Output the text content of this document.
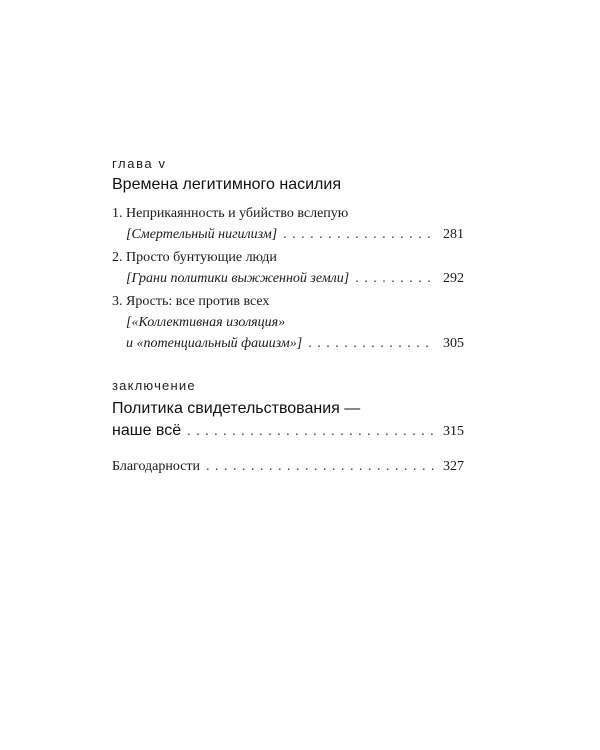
глава v
Времена легитимного насилия
1.
Неприкаянность и убийство вслепую
[Смертельный нигилизм] . . .	281
2.
Просто бунтующие люди
[Грани политики выжженной земли] . . .	292
3.
Ярость: все против всех
[«Коллективная изоляция»
и «потенциальный фашизм»] . . .	305
заключение
Политика свидетельствования —
наше всё . . .	315
Благодарности . . .	327
